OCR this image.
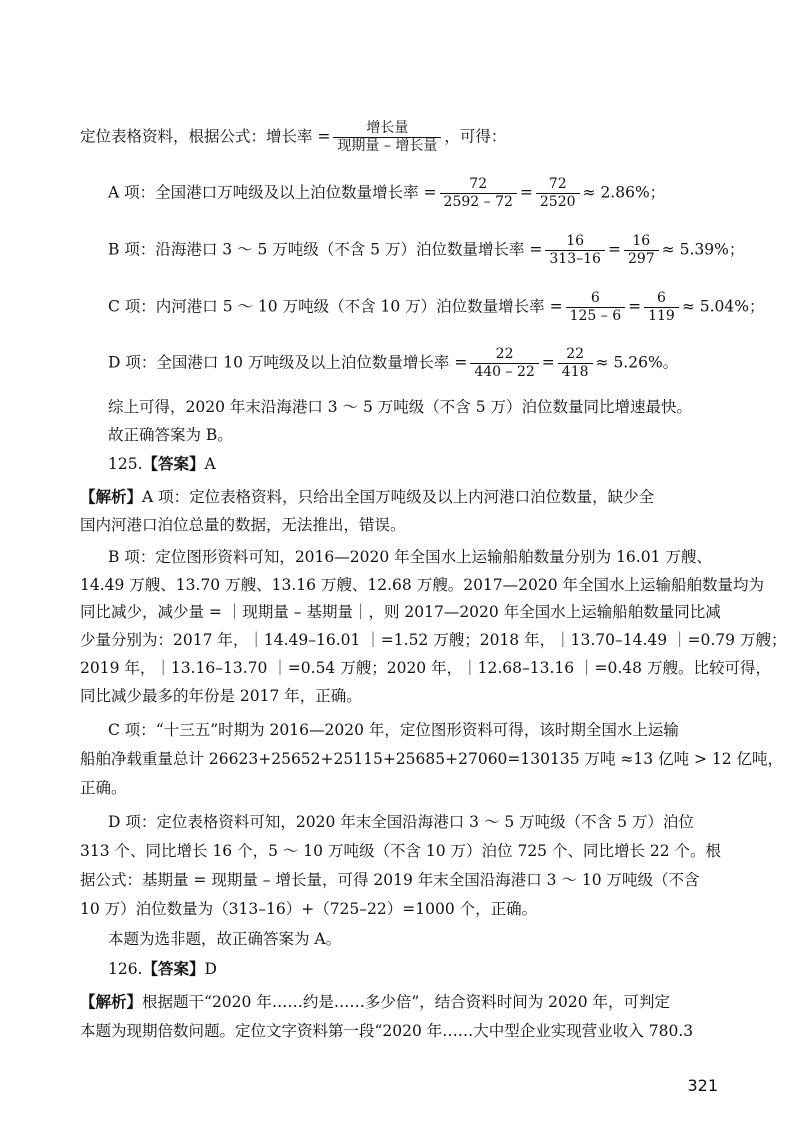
定位表格资料，根据公式：增长率 = $\frac{\text{增长量}}{\text{现期量 – 增长量}}$ ，可得：
A 项：全国港口万吨级及以上泊位数量增长率 = $\frac{72}{2592 - 72} = \frac{72}{2520} \approx 2.86\%$；
B 项：沿海港口 3 ～ 5 万吨级（不含 5 万）泊位数量增长率 = $\frac{16}{313-16} = \frac{16}{297} \approx 5.39\%$；
C 项：内河港口 5 ～ 10 万吨级（不含 10 万）泊位数量增长率 = $\frac{6}{125 - 6} = \frac{6}{119} \approx 5.04\%$；
D 项：全国港口 10 万吨级及以上泊位数量增长率 = $\frac{22}{440 - 22} = \frac{22}{418} \approx 5.26\%$。
综上可得，2020 年末沿海港口 3 ～ 5 万吨级（不含 5 万）泊位数量同比增速最快。
故正确答案为 B。
125.【答案】A
【解析】A 项：定位表格资料，只给出全国万吨级及以上内河港口泊位数量，缺少全
国内河港口泊位总量的数据，无法推出，错误。
B 项：定位图形资料可知，2016—2020 年全国水上运输船舶数量分别为 16.01 万艘、
14.49 万艘、13.70 万艘、13.16 万艘、12.68 万艘。2017—2020 年全国水上运输船舶数量均为
同比减少，减少量 = ｜现期量 – 基期量｜，则 2017—2020 年全国水上运输船舶数量同比减
少量分别为：2017 年，｜14.49–16.01 ｜=1.52 万艘；2018 年，｜13.70–14.49 ｜=0.79 万艘；
2019 年，｜13.16–13.70 ｜=0.54 万艘；2020 年，｜12.68–13.16 ｜=0.48 万艘。比较可得，
同比减少最多的年份是 2017 年，正确。
C 项：“十三五”时期为 2016—2020 年，定位图形资料可得，该时期全国水上运输
船舶净载重量总计 26623+25652+25115+25685+27060=130135 万吨 ≈13 亿吨 > 12 亿吨，
正确。
D 项：定位表格资料可知，2020 年末全国沿海港口 3 ～ 5 万吨级（不含 5 万）泊位
313 个、同比增长 16 个，5 ～ 10 万吨级（不含 10 万）泊位 725 个、同比增长 22 个。根
据公式：基期量 = 现期量 – 增长量，可得 2019 年末全国沿海港口 3 ～ 10 万吨级（不含
10 万）泊位数量为（313–16）+（725–22）=1000 个，正确。
本题为选非题，故正确答案为 A。
126.【答案】D
【解析】根据题干“2020 年……约是……多少倍”，结合资料时间为 2020 年，可判定
本题为现期倍数问题。定位文字资料第一段“2020 年……大中型企业实现营业收入 780.3
321
